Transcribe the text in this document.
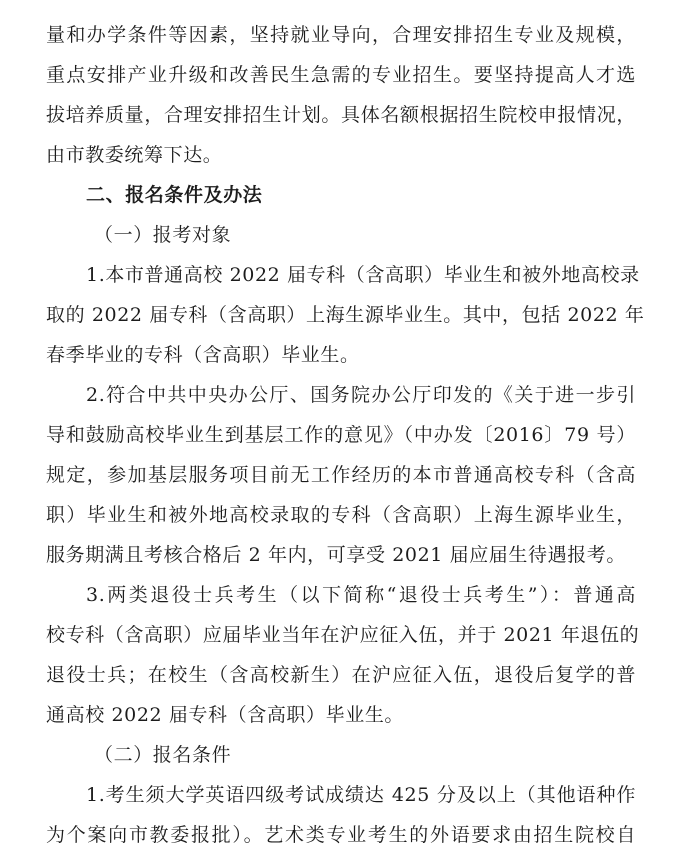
量和办学条件等因素，坚持就业导向，合理安排招生专业及规模，
重点安排产业升级和改善民生急需的专业招生。要坚持提高人才选
拔培养质量，合理安排招生计划。具体名额根据招生院校申报情况，
由市教委统筹下达。
二、报名条件及办法
（一）报考对象
1.本市普通高校 2022 届专科（含高职）毕业生和被外地高校录
取的 2022 届专科（含高职）上海生源毕业生。其中，包括 2022 年
春季毕业的专科（含高职）毕业生。
2.符合中共中央办公厅、国务院办公厅印发的《关于进一步引
导和鼓励高校毕业生到基层工作的意见》（中办发〔2016〕79 号）
规定，参加基层服务项目前无工作经历的本市普通高校专科（含高
职）毕业生和被外地高校录取的专科（含高职）上海生源毕业生，
服务期满且考核合格后 2 年内，可享受 2021 届应届生待遇报考。
3.两类退役士兵考生（以下简称“退役士兵考生”）：普通高
校专科（含高职）应届毕业当年在沪应征入伍，并于 2021 年退伍的
退役士兵；在校生（含高校新生）在沪应征入伍，退役后复学的普
通高校 2022 届专科（含高职）毕业生。
（二）报名条件
1.考生须大学英语四级考试成绩达 425 分及以上（其他语种作
为个案向市教委报批）。艺术类专业考生的外语要求由招生院校自
